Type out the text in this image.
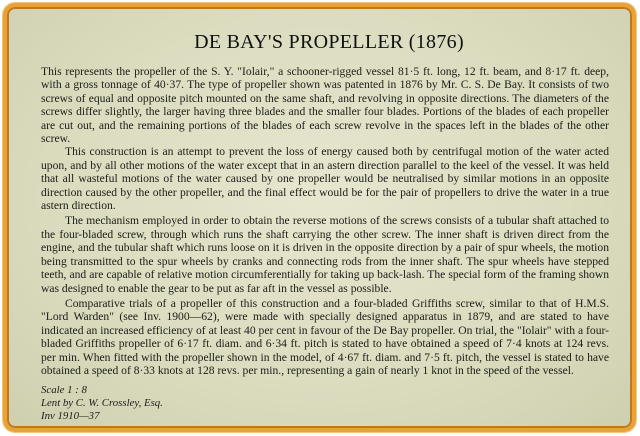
DE BAY'S PROPELLER (1876)

This represents the propeller of the S. Y. "Iolair," a schooner-rigged vessel 81·5 ft. long, 12 ft. beam, and 8·17 ft. deep, with a gross tonnage of 40·37. The type of propeller shown was patented in 1876 by Mr. C. S. De Bay. It consists of two screws of equal and opposite pitch mounted on the same shaft, and revolving in opposite directions. The diameters of the screws differ slightly, the larger having three blades and the smaller four blades. Portions of the blades of each propeller are cut out, and the remaining portions of the blades of each screw revolve in the spaces left in the blades of the other screw.

This construction is an attempt to prevent the loss of energy caused both by centrifugal motion of the water acted upon, and by all other motions of the water except that in an astern direction parallel to the keel of the vessel. It was held that all wasteful motions of the water caused by one propeller would be neutralised by similar motions in an opposite direction caused by the other propeller, and the final effect would be for the pair of propellers to drive the water in a true astern direction.

The mechanism employed in order to obtain the reverse motions of the screws consists of a tubular shaft attached to the four-bladed screw, through which runs the shaft carrying the other screw. The inner shaft is driven direct from the engine, and the tubular shaft which runs loose on it is driven in the opposite direction by a pair of spur wheels, the motion being transmitted to the spur wheels by cranks and connecting rods from the inner shaft. The spur wheels have stepped teeth, and are capable of relative motion circumferentially for taking up back-lash. The special form of the framing shown was designed to enable the gear to be put as far aft in the vessel as possible.

Comparative trials of a propeller of this construction and a four-bladed Griffiths screw, similar to that of H.M.S. "Lord Warden" (see Inv. 1900—62), were made with specially designed apparatus in 1879, and are stated to have indicated an increased efficiency of at least 40 per cent in favour of the De Bay propeller. On trial, the "Iolair" with a four-bladed Griffiths propeller of 6·17 ft. diam. and 6·34 ft. pitch is stated to have obtained a speed of 7·4 knots at 124 revs. per min. When fitted with the propeller shown in the model, of 4·67 ft. diam. and 7·5 ft. pitch, the vessel is stated to have obtained a speed of 8·33 knots at 128 revs. per min., representing a gain of nearly 1 knot in the speed of the vessel.

Scale 1 : 8
Lent by C. W. Crossley, Esq.
Inv 1910—37
